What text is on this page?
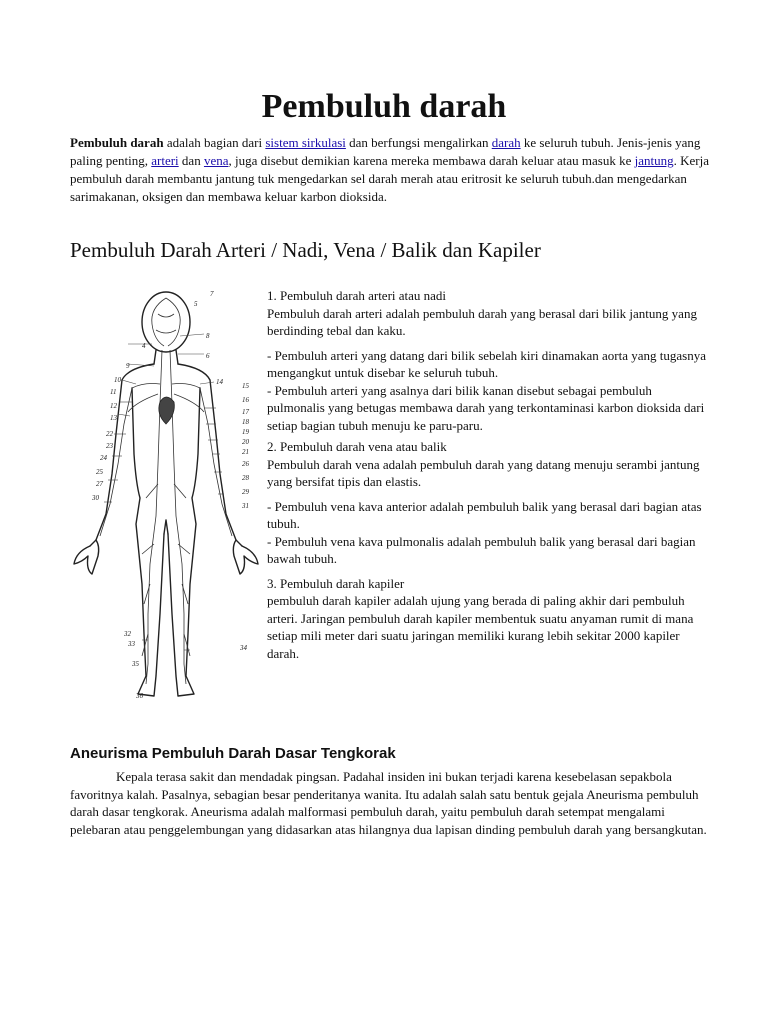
Pembuluh darah

Pembuluh darah adalah bagian dari sistem sirkulasi dan berfungsi mengalirkan darah ke seluruh tubuh. Jenis-jenis yang paling penting, arteri dan vena, juga disebut demikian karena mereka membawa darah keluar atau masuk ke jantung. Kerja pembuluh darah membantu jantung tuk mengedarkan sel darah merah atau eritrosit ke seluruh tubuh.dan mengedarkan sarimakanan, oksigen dan membawa keluar karbon dioksida.

Pembuluh Darah Arteri / Nadi, Vena / Balik dan Kapiler
7
5
8
4
6
9
10
11
12
13
14	15
16
17
18
19
20
21
22
23
24
25
26
27
28
29
30
31
32
33	34
35
36

1. Pembuluh darah arteri atau nadi
Pembuluh darah arteri adalah pembuluh darah yang berasal dari bilik jantung yang berdinding tebal dan kaku.

- Pembuluh arteri yang datang dari bilik sebelah kiri dinamakan aorta yang tugasnya mengangkut untuk disebar ke seluruh tubuh.
- Pembuluh arteri yang asalnya dari bilik kanan disebut sebagai pembuluh pulmonalis yang betugas membawa darah yang terkontaminasi karbon dioksida dari setiap bagian tubuh menuju ke paru-paru.

2. Pembuluh darah vena atau balik
Pembuluh darah vena adalah pembuluh darah yang datang menuju serambi jantung yang bersifat tipis dan elastis.

- Pembuluh vena kava anterior adalah pembuluh balik yang berasal dari bagian atas tubuh.
- Pembuluh vena kava pulmonalis adalah pembuluh balik yang berasal dari bagian bawah tubuh.

3. Pembuluh darah kapiler
pembuluh darah kapiler adalah ujung yang berada di paling akhir dari pembuluh arteri. Jaringan pembuluh darah kapiler membentuk suatu anyaman rumit di mana setiap mili meter dari suatu jaringan memiliki kurang lebih sekitar 2000 kapiler darah.

Aneurisma Pembuluh Darah Dasar Tengkorak

Kepala terasa sakit dan mendadak pingsan. Padahal insiden ini bukan terjadi karena kesebelasan sepakbola favoritnya kalah. Pasalnya, sebagian besar penderitanya wanita. Itu adalah salah satu bentuk gejala Aneurisma pembuluh darah dasar tengkorak. Aneurisma adalah malformasi pembuluh darah, yaitu pembuluh darah setempat mengalami pelebaran atau penggelembungan yang didasarkan atas hilangnya dua lapisan dinding pembuluh darah yang bersangkutan.
